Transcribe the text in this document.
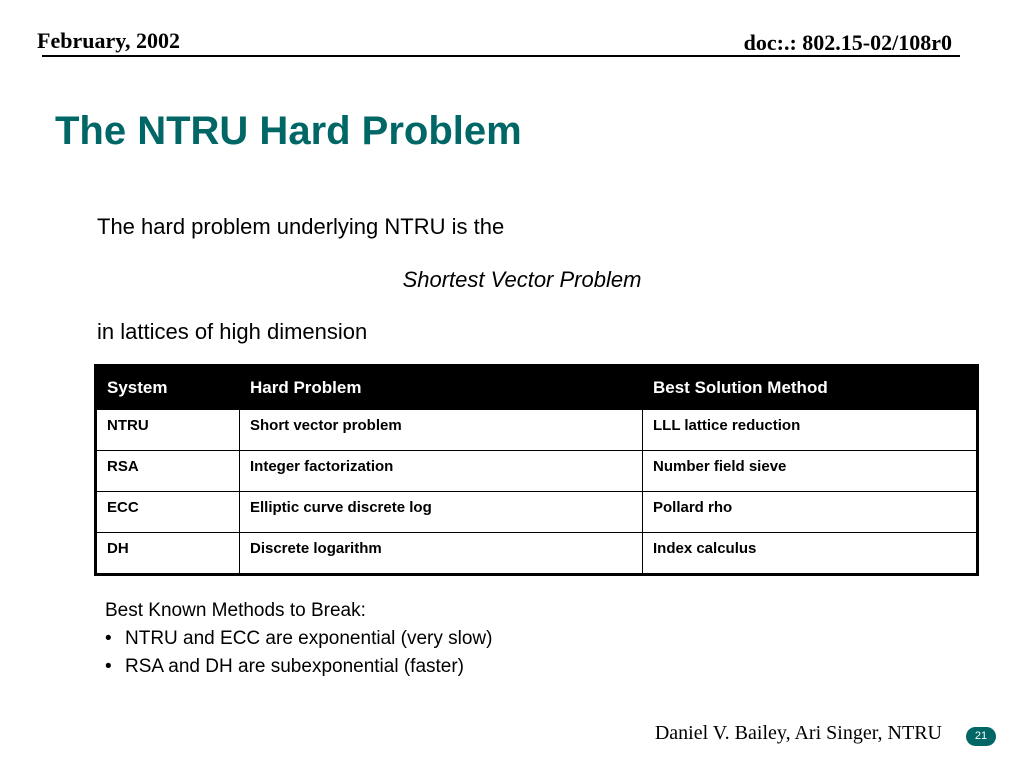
February, 2002	doc:.: 802.15-02/108r0
The NTRU Hard Problem
The hard problem underlying NTRU is the
Shortest Vector Problem
in lattices of high dimension
System	Hard Problem	Best Solution Method
NTRU	Short vector problem	LLL lattice reduction
RSA	Integer factorization	Number field sieve
ECC	Elliptic curve discrete log	Pollard rho
DH	Discrete logarithm	Index calculus
Best Known Methods to Break:
• NTRU and ECC are exponential (very slow)
• RSA and DH are subexponential (faster)
Daniel V. Bailey, Ari Singer, NTRU	21
